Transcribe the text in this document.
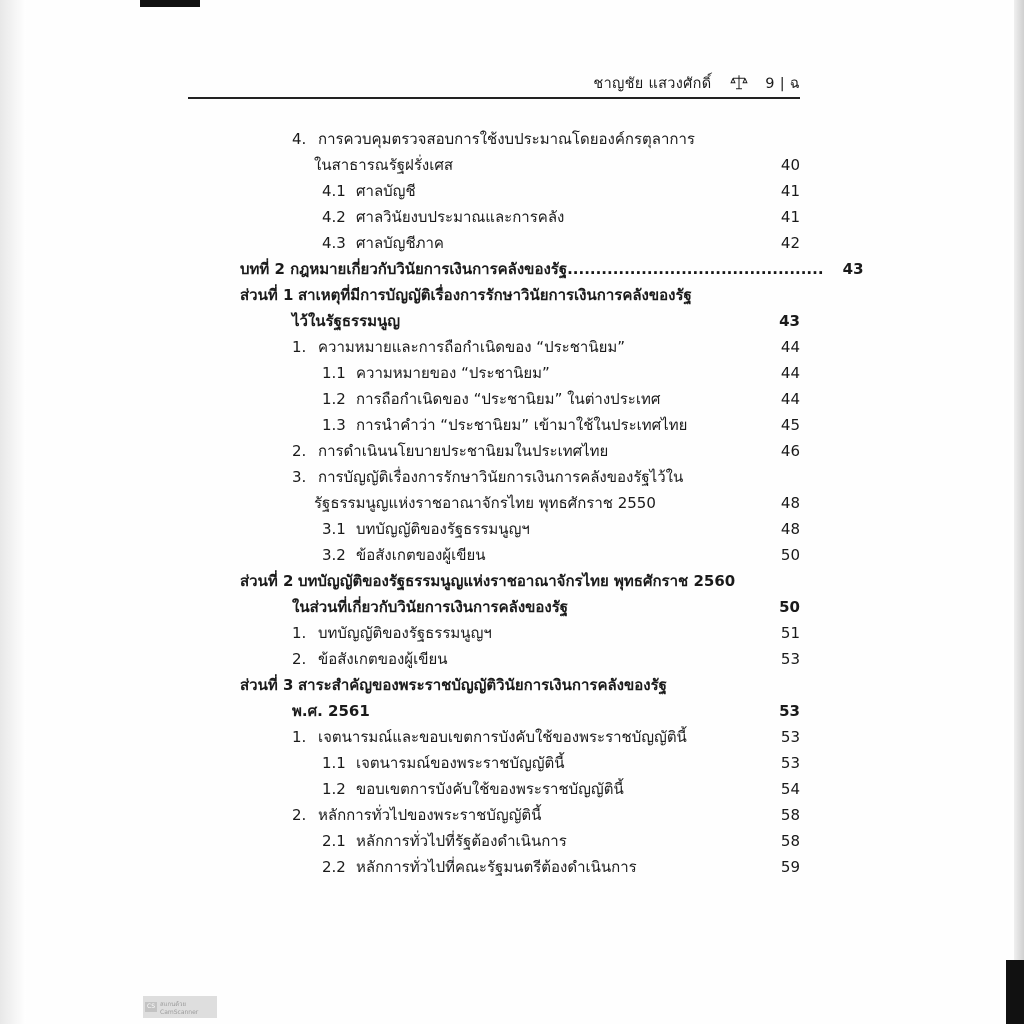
ชาญชัย แสวงศักดิ์	9 | ฉ
4. การควบคุมตรวจสอบการใช้งบประมาณโดยองค์กรตุลาการ
ในสาธารณรัฐฝรั่งเศส	40
4.1 ศาลบัญชี	41
4.2 ศาลวินัยงบประมาณและการคลัง	41
4.3 ศาลบัญชีภาค	42
บทที่ 2 กฎหมายเกี่ยวกับวินัยการเงินการคลังของรัฐ.............................................	43
ส่วนที่ 1 สาเหตุที่มีการบัญญัติเรื่องการรักษาวินัยการเงินการคลังของรัฐ
ไว้ในรัฐธรรมนูญ	43
1. ความหมายและการถือกำเนิดของ “ประชานิยม”	44
1.1 ความหมายของ “ประชานิยม”	44
1.2 การถือกำเนิดของ “ประชานิยม” ในต่างประเทศ	44
1.3 การนำคำว่า “ประชานิยม” เข้ามาใช้ในประเทศไทย	45
2. การดำเนินนโยบายประชานิยมในประเทศไทย	46
3. การบัญญัติเรื่องการรักษาวินัยการเงินการคลังของรัฐไว้ใน
รัฐธรรมนูญแห่งราชอาณาจักรไทย พุทธศักราช 2550	48
3.1 บทบัญญัติของรัฐธรรมนูญฯ	48
3.2 ข้อสังเกตของผู้เขียน	50
ส่วนที่ 2 บทบัญญัติของรัฐธรรมนูญแห่งราชอาณาจักรไทย พุทธศักราช 2560
ในส่วนที่เกี่ยวกับวินัยการเงินการคลังของรัฐ	50
1. บทบัญญัติของรัฐธรรมนูญฯ	51
2. ข้อสังเกตของผู้เขียน	53
ส่วนที่ 3 สาระสำคัญของพระราชบัญญัติวินัยการเงินการคลังของรัฐ
พ.ศ. 2561	53
1. เจตนารมณ์และขอบเขตการบังคับใช้ของพระราชบัญญัตินี้	53
1.1 เจตนารมณ์ของพระราชบัญญัตินี้	53
1.2 ขอบเขตการบังคับใช้ของพระราชบัญญัตินี้	54
2. หลักการทั่วไปของพระราชบัญญัตินี้	58
2.1 หลักการทั่วไปที่รัฐต้องดำเนินการ	58
2.2 หลักการทั่วไปที่คณะรัฐมนตรีต้องดำเนินการ	59
CS สแกนด้วย CamScanner
